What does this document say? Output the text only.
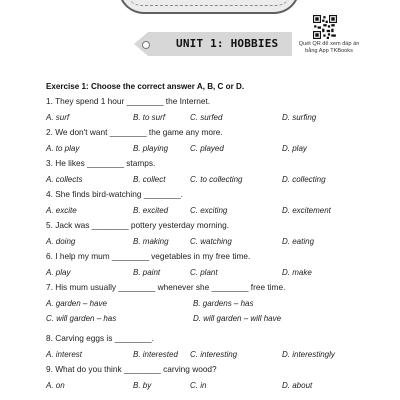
UNIT 1: HOBBIES	Quét QR để xem đáp án
bằng App TKBooks
Exercise 1: Choose the correct answer A, B, C or D.
1. They spend 1 hour ________ the Internet.
A. surf	B. to surf	C. surfed	D. surfing
2. We don't want ________ the game any more.
A. to play	B. playing	C. played	D. play
3. He likes ________ stamps.
A. collects	B. collect	C. to collecting	D. collecting
4. She finds bird-watching ________.
A. excite	B. excited	C. exciting	D. excitement
5. Jack was ________ pottery yesterday morning.
A. doing	B. making	C. watching	D. eating
6. I help my mum ________ vegetables in my free time.
A. play	B. paint	C. plant	D. make
7. His mum usually ________ whenever she ________ free time.
A. garden – have	B. gardens – has
C. will garden – has	D. will garden – will have
8. Carving eggs is ________.
A. interest	B. interested C. interesting	D. interestingly
9. What do you think ________ carving wood?
A. on	B. by	C. in	D. about
